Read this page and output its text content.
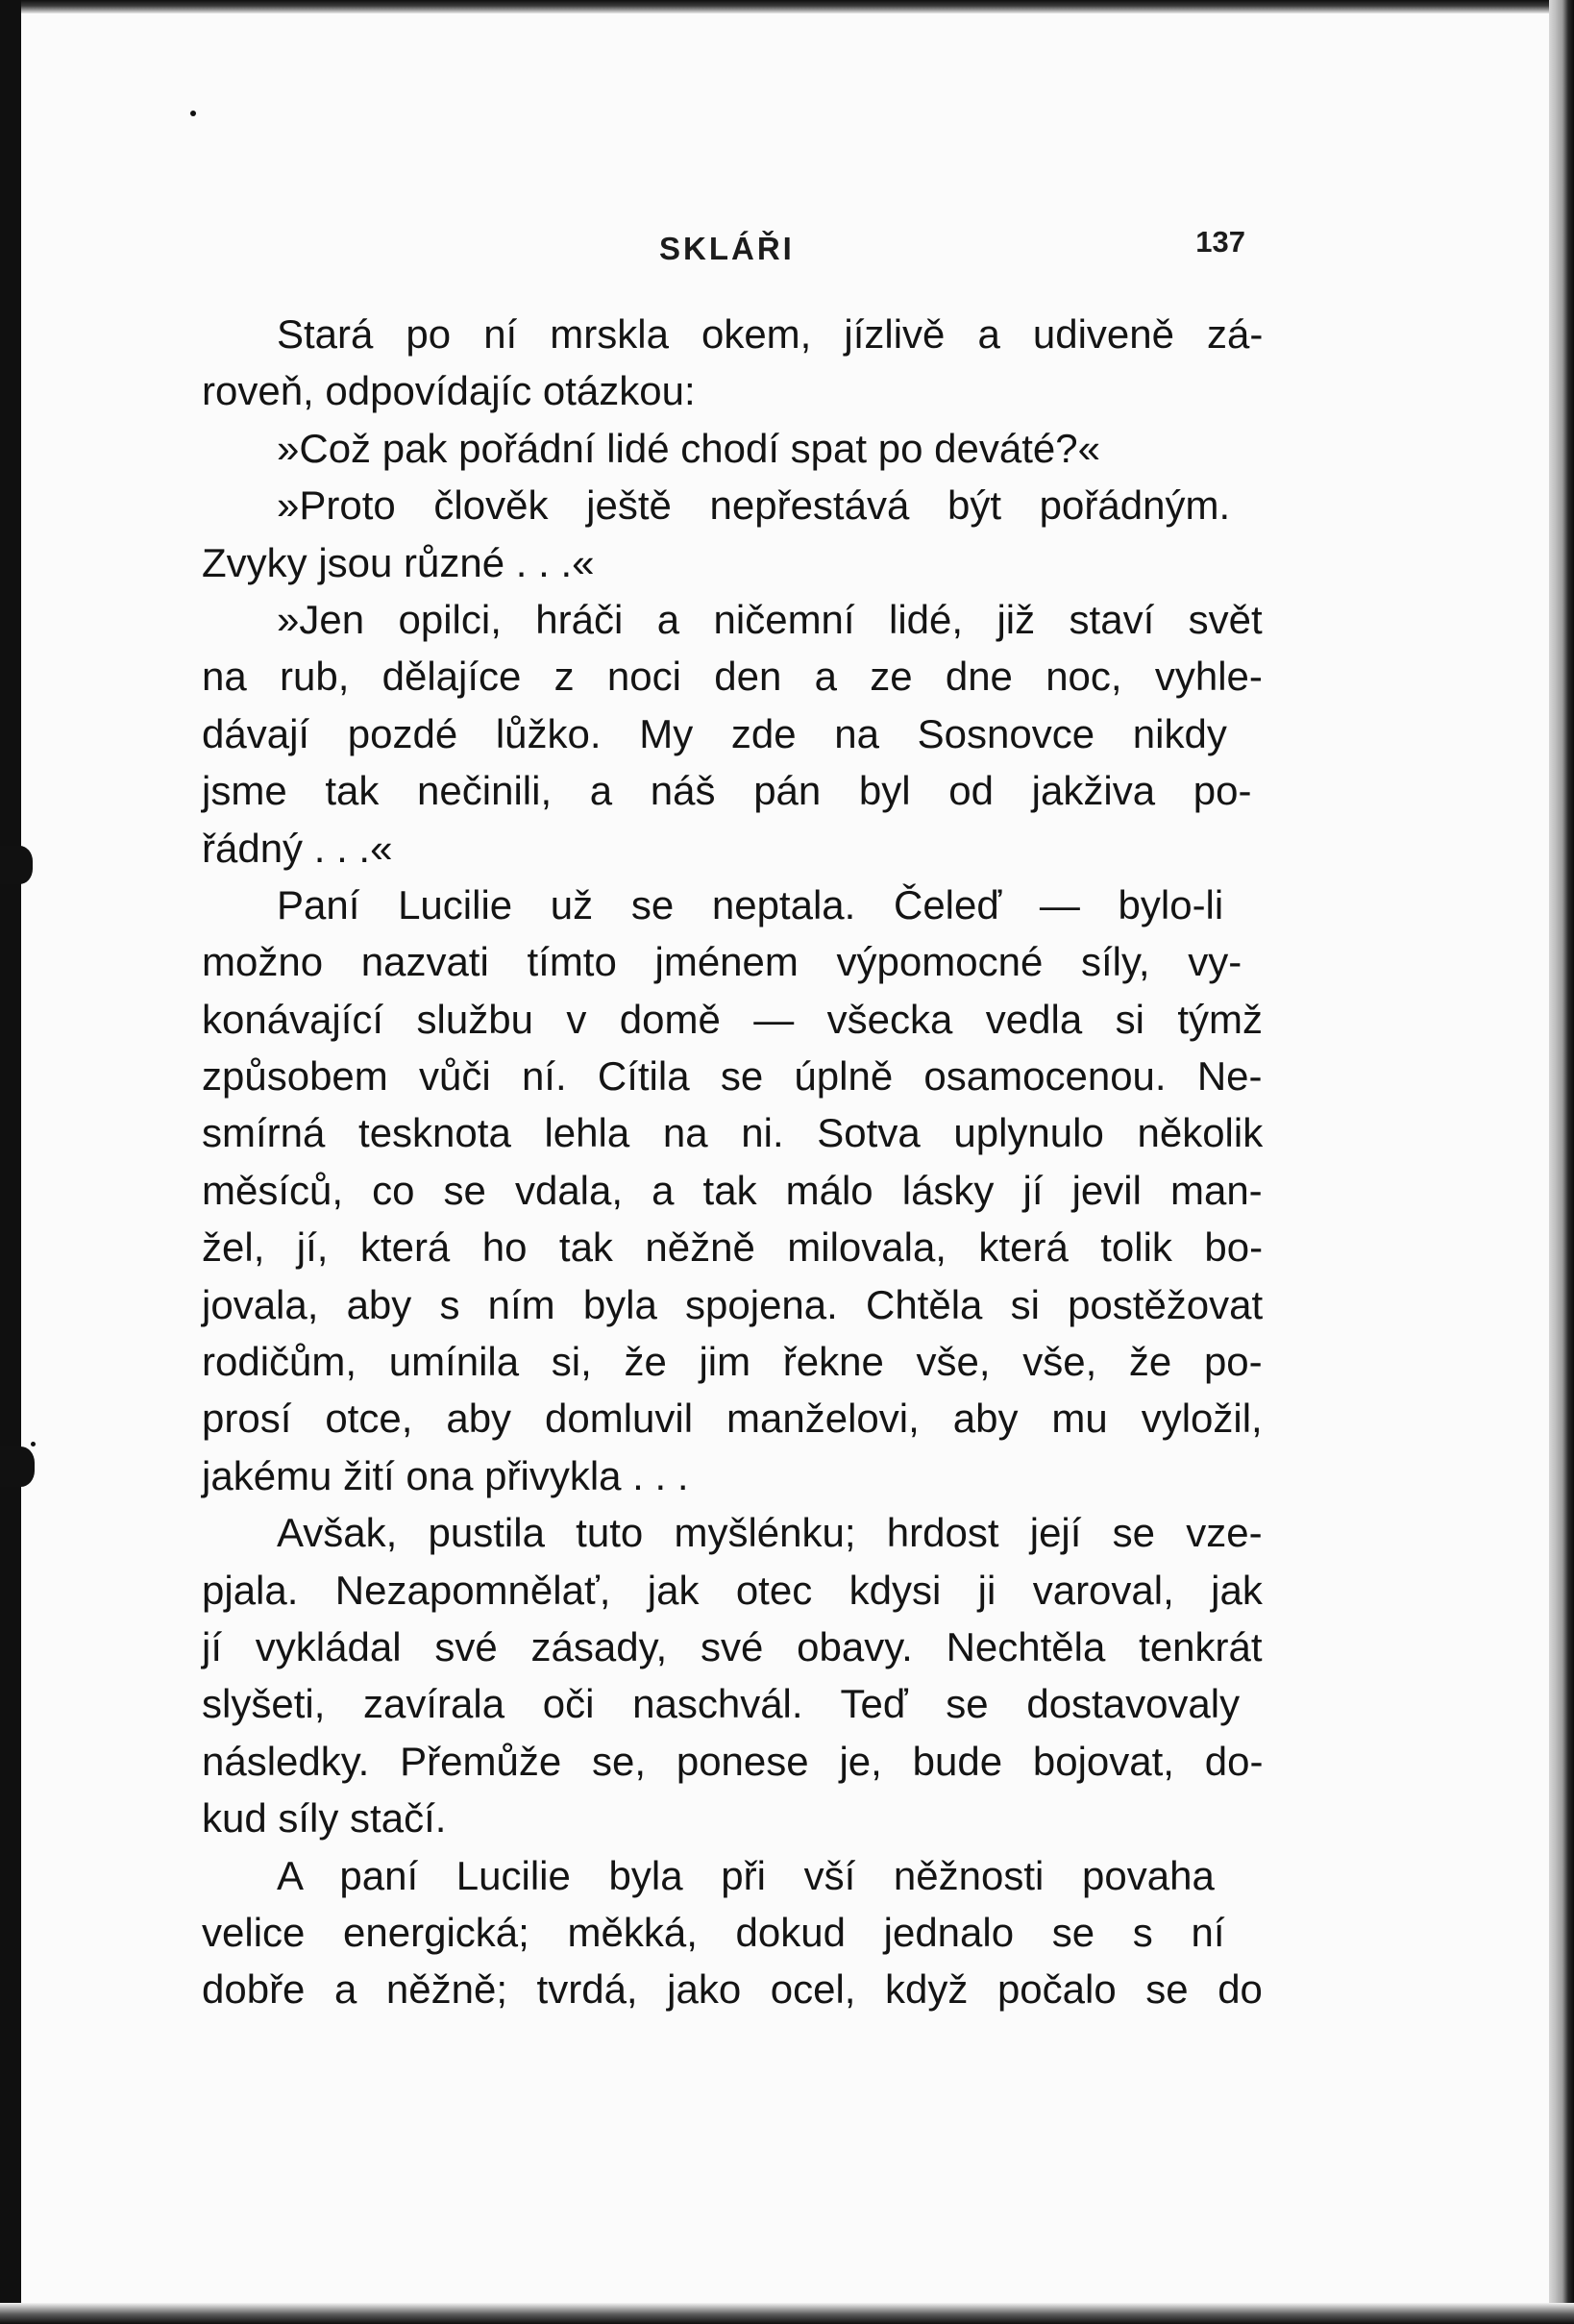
SKLÁŘI	137
Stará po ní mrskla okem, jízlivě a udiveně zá-
roveň, odpovídajíc otázkou:
»Což pak pořádní lidé chodí spat po deváté?«
»Proto člověk ještě nepřestává být pořádným.
Zvyky jsou různé . . .«
»Jen opilci, hráči a ničemní lidé, již staví svět
na rub, dělajíce z noci den a ze dne noc, vyhle-
dávají pozdé lůžko. My zde na Sosnovce nikdy
jsme tak nečinili, a náš pán byl od jakživa po-
řádný . . .«
Paní Lucilie už se neptala. Čeleď — bylo-li
možno nazvati tímto jménem výpomocné síly, vy-
konávající službu v domě — všecka vedla si týmž
způsobem vůči ní. Cítila se úplně osamocenou. Ne-
smírná tesknota lehla na ni. Sotva uplynulo několik
měsíců, co se vdala, a tak málo lásky jí jevil man-
žel, jí, která ho tak něžně milovala, která tolik bo-
jovala, aby s ním byla spojena. Chtěla si postěžovat
rodičům, umínila si, že jim řekne vše, vše, že po-
prosí otce, aby domluvil manželovi, aby mu vyložil,
jakému žití ona přivykla . . .
Avšak, pustila tuto myšlénku; hrdost její se vze-
pjala. Nezapomnělať, jak otec kdysi ji varoval, jak
jí vykládal své zásady, své obavy. Nechtěla tenkrát
slyšeti, zavírala oči naschvál. Teď se dostavovaly
následky. Přemůže se, ponese je, bude bojovat, do-
kud síly stačí.
A paní Lucilie byla při vší něžnosti povaha
velice energická; měkká, dokud jednalo se s ní
dobře a něžně; tvrdá, jako ocel, když počalo se do
